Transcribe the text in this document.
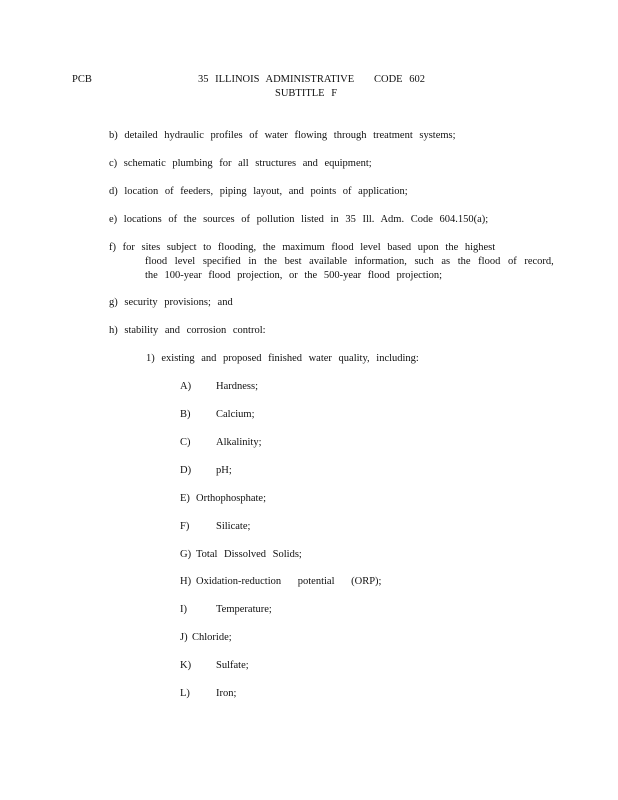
PCB	35 ILLINOIS ADMINISTRATIVE CODE 602
SUBTITLE F
b) detailed hydraulic profiles of water flowing through treatment systems;
c) schematic plumbing for all structures and equipment;
d) location of feeders, piping layout, and points of application;
e) locations of the sources of pollution listed in 35 Ill. Adm. Code 604.150(a);
f) for sites subject to flooding, the maximum flood level based upon the highest
flood level specified in the best available information, such as the flood of record,
the 100-year flood projection, or the 500-year flood projection;
g) security provisions; and
h) stability and corrosion control:
1) existing and proposed finished water quality, including:
A) Hardness;
B) Calcium;
C) Alkalinity;
D) pH;
E) Orthophosphate;
F)	Silicate;
G) Total Dissolved Solids;
H) Oxidation-reduction potential (ORP);
I)	Temperature;
J) Chloride;
K) Sulfate;
L) Iron;
